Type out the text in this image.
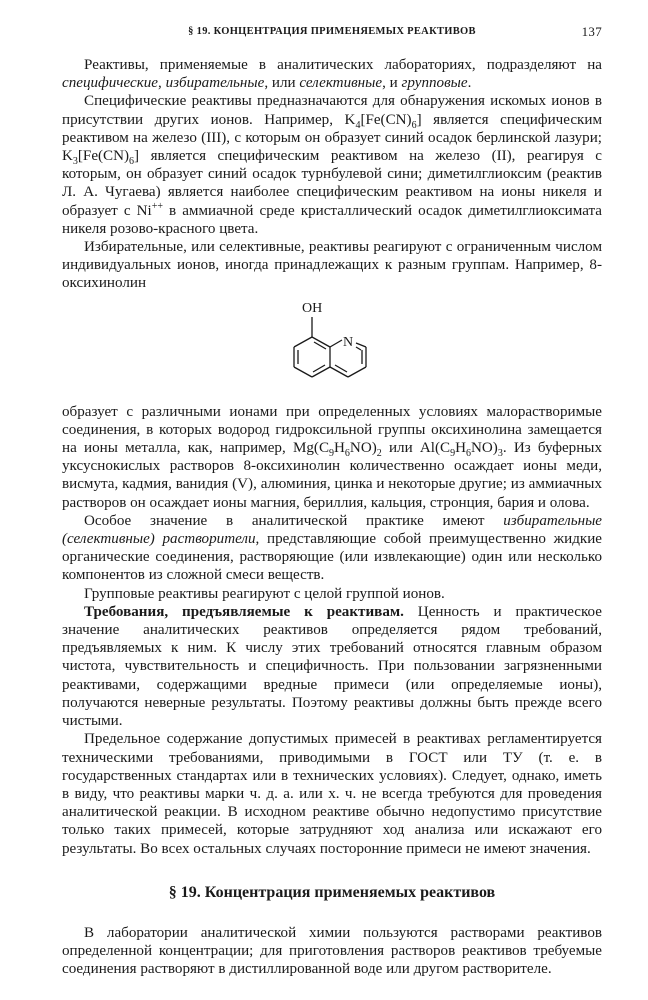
§ 19. КОНЦЕНТРАЦИЯ ПРИМЕНЯЕМЫХ РЕАКТИВОВ	137

Реактивы, применяемые в аналитических лабораториях, подразделяют на специфические, избирательные, или селективные, и групповые.

Специфические реактивы предназначаются для обнаружения искомых ионов в присутствии других ионов. Например, $K_4[Fe(CN)_6]$ является специфическим реактивом на железо (III), с которым он образует синий осадок берлинской лазури; $K_3[Fe(CN)_6]$ является специфическим реактивом на железо (II), реагируя с которым, он образует синий осадок турнбулевой сини; диметилглиоксим (реактив Л. А. Чугаева) является наиболее специфическим реактивом на ионы никеля и образует с Ni++ в аммиачной среде кристаллический осадок диметилглиоксимата никеля розово-красного цвета.

Избирательные, или селективные, реактивы реагируют с ограниченным числом индивидуальных ионов, иногда принадлежащих к разным группам. Например, 8-оксихинолин

OH
N

образует с различными ионами при определенных условиях малорастворимые соединения, в которых водород гидроксильной группы оксихинолина замещается на ионы металла, как, например, $Mg(C_9H_6NO)_2$ или $Al(C_9H_6NO)_3$. Из буферных уксуснокислых растворов 8-оксихинолин количественно осаждает ионы меди, висмута, кадмия, ванидия (V), алюминия, цинка и некоторые другие; из аммиачных растворов он осаждает ионы магния, бериллия, кальция, стронция, бария и олова.

Особое значение в аналитической практике имеют избирательные (селективные) растворители, представляющие собой преимущественно жидкие органические соединения, растворяющие (или извлекающие) один или несколько компонентов из сложной смеси веществ.

Групповые реактивы реагируют с целой группой ионов.

Требования, предъявляемые к реактивам. Ценность и практическое значение аналитических реактивов определяется рядом требований, предъявляемых к ним. К числу этих требований относятся главным образом чистота, чувствительность и специфичность. При пользовании загрязненными реактивами, содержащими вредные примеси (или определяемые ионы), получаются неверные результаты. Поэтому реактивы должны быть прежде всего чистыми.

Предельное содержание допустимых примесей в реактивах регламентируется техническими требованиями, приводимыми в ГОСТ или ТУ (т. е. в государственных стандартах или в технических условиях). Следует, однако, иметь в виду, что реактивы марки ч. д. а. или х. ч. не всегда требуются для проведения аналитической реакции. В исходном реактиве обычно недопустимо присутствие только таких примесей, которые затрудняют ход анализа или искажают его результаты. Во всех остальных случаях посторонние примеси не имеют значения.

§ 19. Концентрация применяемых реактивов

В лаборатории аналитической химии пользуются растворами реактивов определенной концентрации; для приготовления растворов реактивов требуемые соединения растворяют в дистиллированной воде или другом растворителе.
